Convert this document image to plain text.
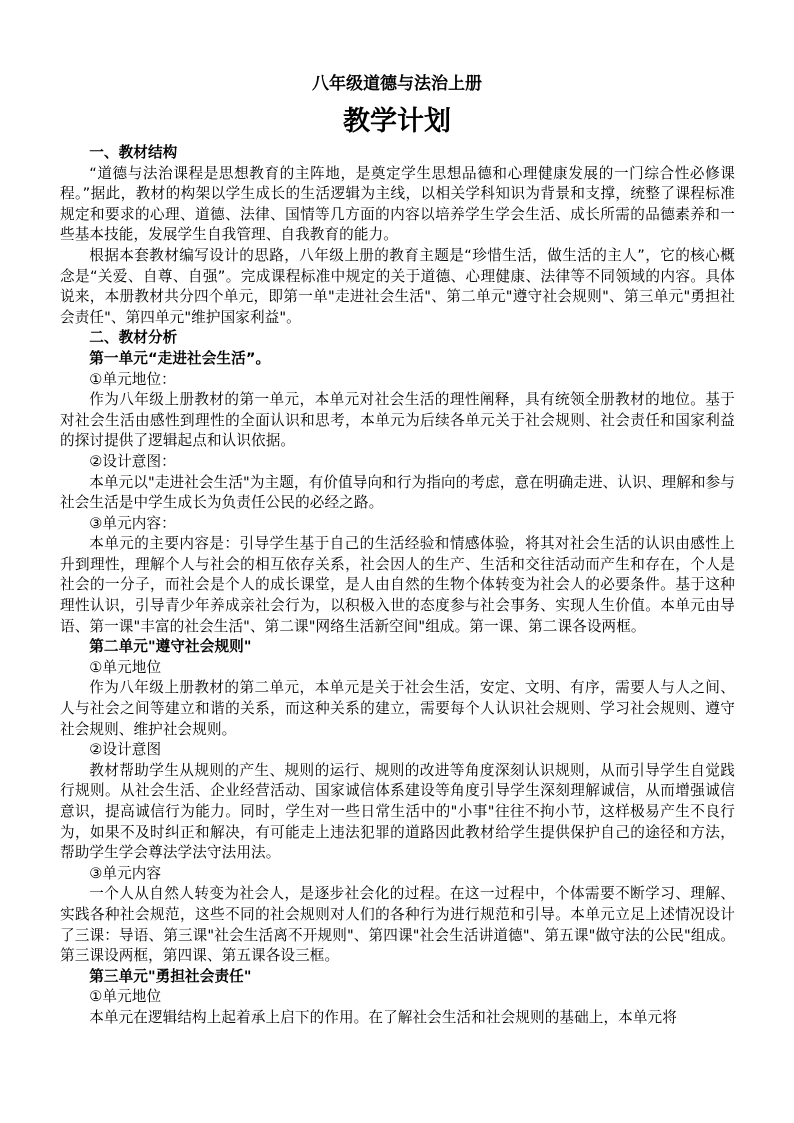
八年级道德与法治上册
教学计划

一、教材结构

“道德与法治课程是思想教育的主阵地，是奠定学生思想品德和心理健康发展的一门综合性必修课程。”据此，教材的构架以学生成长的生活逻辑为主线，以相关学科知识为背景和支撑，统整了课程标准规定和要求的心理、道德、法律、国情等几方面的内容以培养学生学会生活、成长所需的品德素养和一些基本技能，发展学生自我管理、自我教育的能力。

根据本套教材编写设计的思路，八年级上册的教育主题是“珍惜生活，做生活的主人”，它的核心概念是“关爱、自尊、自强”。完成课程标准中规定的关于道德、心理健康、法律等不同领域的内容。具体说来，本册教材共分四个单元，即第一单"走进社会生活"、第二单元"遵守社会规则"、第三单元"勇担社会责任"、第四单元"维护国家利益"。

二、教材分析

第一单元“走进社会生活”。

①单元地位：

作为八年级上册教材的第一单元，本单元对社会生活的理性阐释，具有统领全册教材的地位。基于对社会生活由感性到理性的全面认识和思考，本单元为后续各单元关于社会规则、社会责任和国家利益的探讨提供了逻辑起点和认识依据。

②设计意图：

本单元以"走进社会生活"为主题，有价值导向和行为指向的考虑，意在明确走进、认识、理解和参与社会生活是中学生成长为负责任公民的必经之路。

③单元内容：

本单元的主要内容是：引导学生基于自己的生活经验和情感体验，将其对社会生活的认识由感性上升到理性，理解个人与社会的相互依存关系，社会因人的生产、生活和交往活动而产生和存在，个人是社会的一分子，而社会是个人的成长课堂，是人由自然的生物个体转变为社会人的必要条件。基于这种理性认识，引导青少年养成亲社会行为，以积极入世的态度参与社会事务、实现人生价值。本单元由导语、第一课"丰富的社会生活"、第二课"网络生活新空间"组成。第一课、第二课各设两框。

第二单元"遵守社会规则"

①单元地位

作为八年级上册教材的第二单元，本单元是关于社会生活，安定、文明、有序，需要人与人之间、人与社会之间等建立和谐的关系，而这种关系的建立，需要每个人认识社会规则、学习社会规则、遵守社会规则、维护社会规则。

②设计意图

教材帮助学生从规则的产生、规则的运行、规则的改进等角度深刻认识规则，从而引导学生自觉践行规则。从社会生活、企业经营活动、国家诚信体系建设等角度引导学生深刻理解诚信，从而增强诚信意识，提高诚信行为能力。同时，学生对一些日常生活中的"小事"往往不拘小节，这样极易产生不良行为，如果不及时纠正和解决，有可能走上违法犯罪的道路因此教材给学生提供保护自己的途径和方法，帮助学生学会尊法学法守法用法。

③单元内容

一个人从自然人转变为社会人，是逐步社会化的过程。在这一过程中，个体需要不断学习、理解、实践各种社会规范，这些不同的社会规则对人们的各种行为进行规范和引导。本单元立足上述情况设计了三课：导语、第三课"社会生活离不开规则"、第四课"社会生活讲道德"、第五课"做守法的公民"组成。第三课设两框，第四课、第五课各设三框。

第三单元"勇担社会责任"

①单元地位

本单元在逻辑结构上起着承上启下的作用。在了解社会生活和社会规则的基础上，本单元将
